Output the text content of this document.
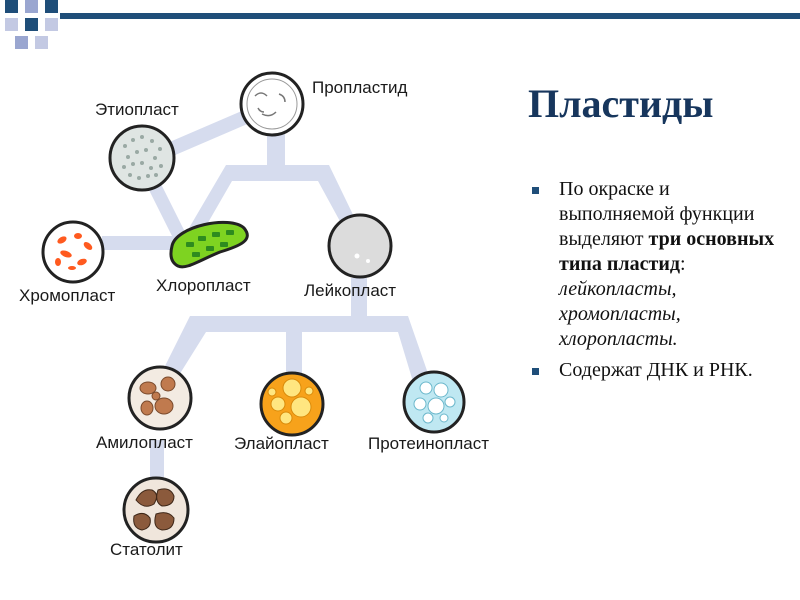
Пропластид
Этиопласт
Хромопласт
Хлоропласт	Лейкопласт
Амилопласт Элайопласт Протеинопласт
Статолит
Пластиды
По окраске и выполняемой функции выделяют три основных типа пластид: лейкопласты, хромопласты, хлоропласты.
Содержат ДНК и РНК.
